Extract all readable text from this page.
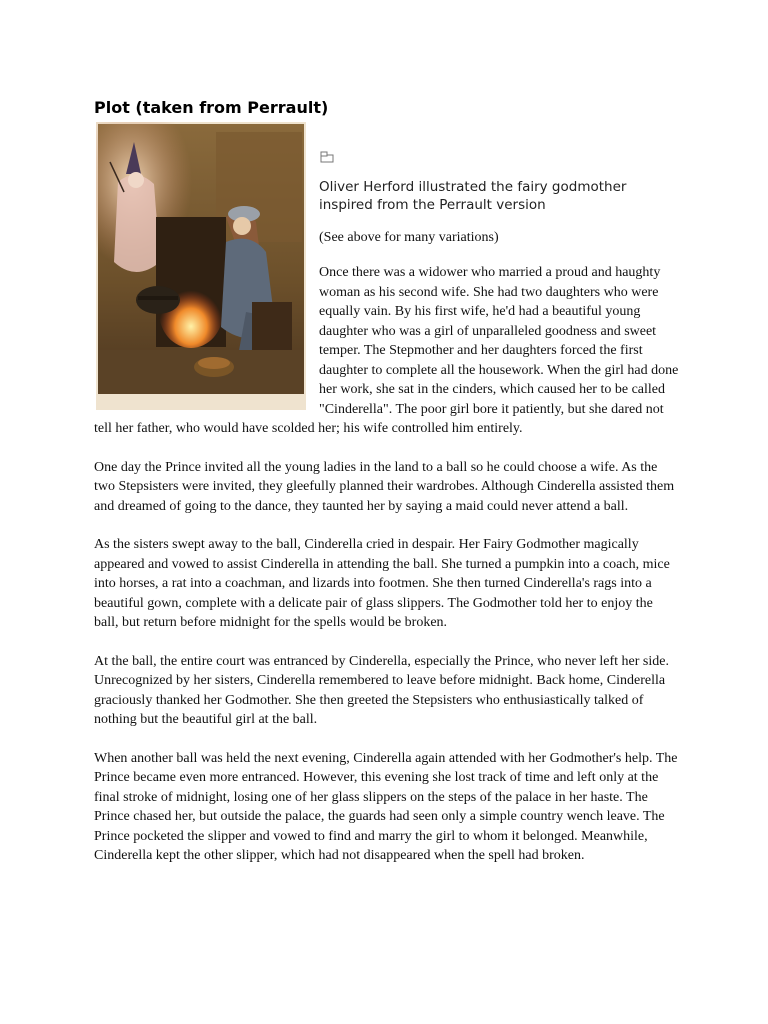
Plot (taken from Perrault)

Oliver Herford illustrated the fairy godmother inspired from the Perrault version

(See above for many variations)

Once there was a widower who married a proud and haughty woman as his second wife. She had two daughters who were equally vain. By his first wife, he'd had a beautiful young daughter who was a girl of unparalleled goodness and sweet temper. The Stepmother and her daughters forced the first daughter to complete all the housework. When the girl had done her work, she sat in the cinders, which caused her to be called "Cinderella". The poor girl bore it patiently, but she dared not tell her father, who would have scolded her; his wife controlled him entirely.

One day the Prince invited all the young ladies in the land to a ball so he could choose a wife. As the two Stepsisters were invited, they gleefully planned their wardrobes. Although Cinderella assisted them and dreamed of going to the dance, they taunted her by saying a maid could never attend a ball.

As the sisters swept away to the ball, Cinderella cried in despair. Her Fairy Godmother magically appeared and vowed to assist Cinderella in attending the ball. She turned a pumpkin into a coach, mice into horses, a rat into a coachman, and lizards into footmen. She then turned Cinderella's rags into a beautiful gown, complete with a delicate pair of glass slippers. The Godmother told her to enjoy the ball, but return before midnight for the spells would be broken.

At the ball, the entire court was entranced by Cinderella, especially the Prince, who never left her side. Unrecognized by her sisters, Cinderella remembered to leave before midnight. Back home, Cinderella graciously thanked her Godmother. She then greeted the Stepsisters who enthusiastically talked of nothing but the beautiful girl at the ball.

When another ball was held the next evening, Cinderella again attended with her Godmother's help. The Prince became even more entranced. However, this evening she lost track of time and left only at the final stroke of midnight, losing one of her glass slippers on the steps of the palace in her haste. The Prince chased her, but outside the palace, the guards had seen only a simple country wench leave. The Prince pocketed the slipper and vowed to find and marry the girl to whom it belonged. Meanwhile, Cinderella kept the other slipper, which had not disappeared when the spell had broken.
